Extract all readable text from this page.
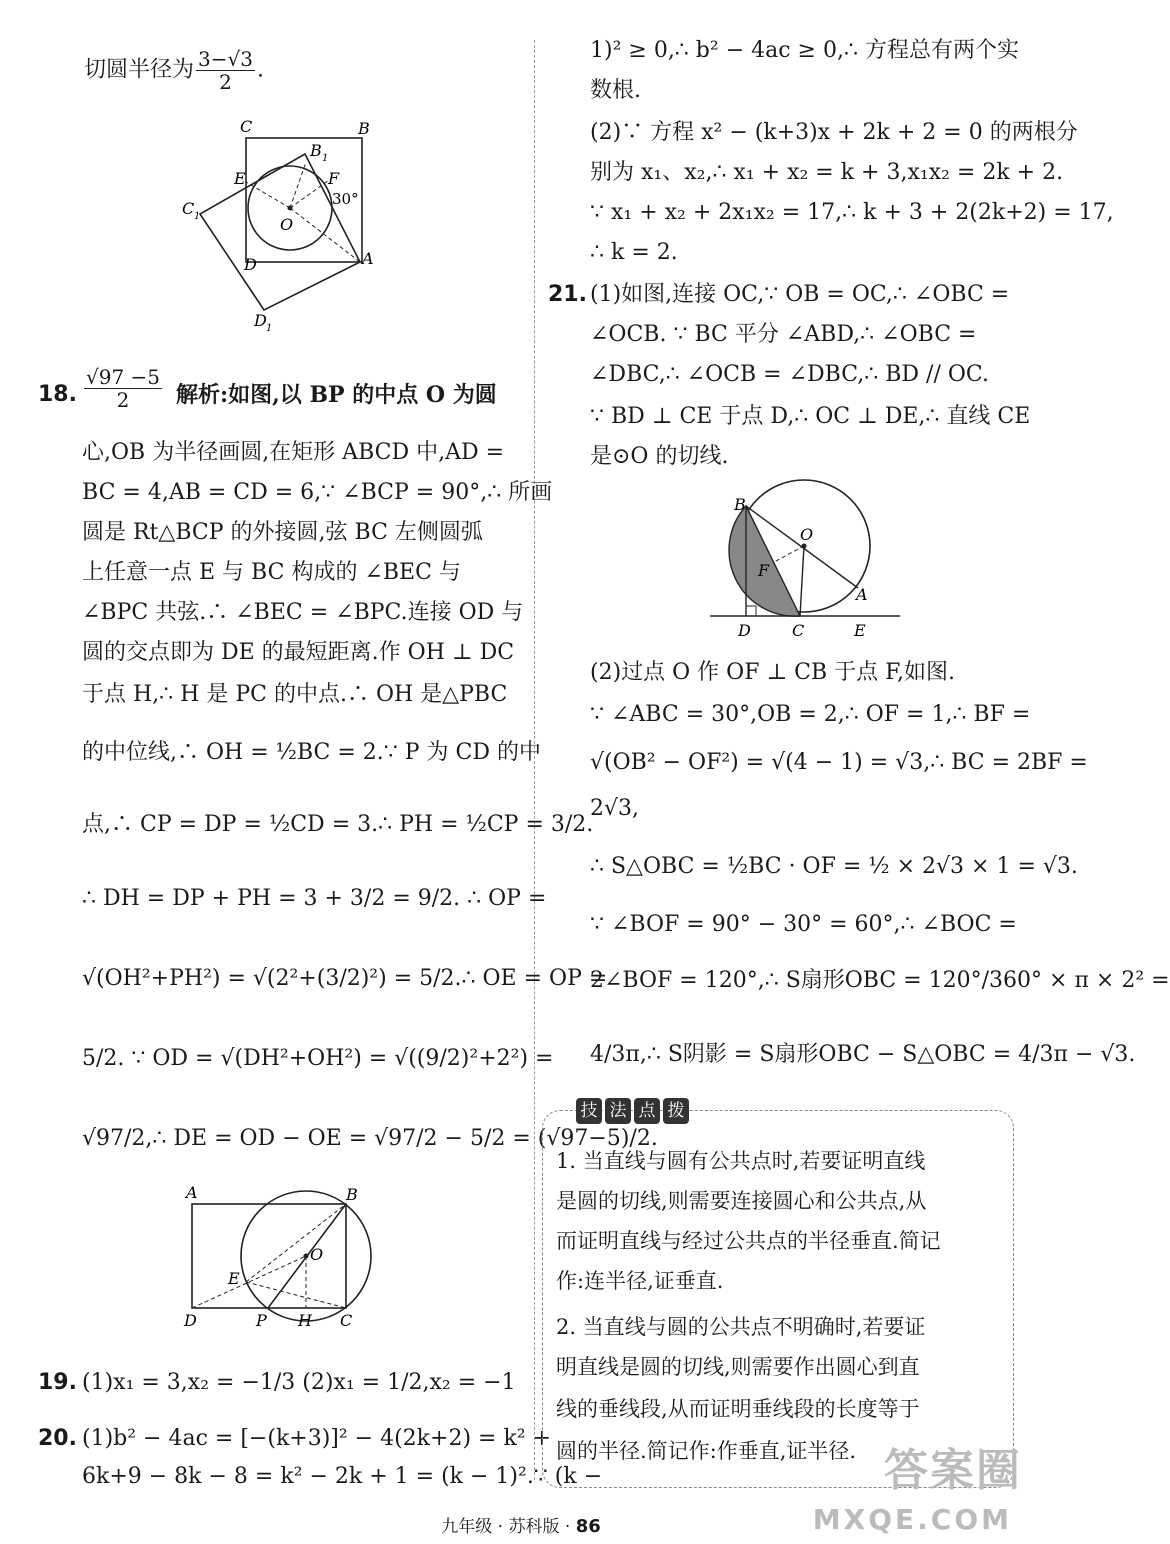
切圆半径为 $\frac{3-√3}{2}$ .
C	B
B 1
E	F
30°
C 1	O
D	A
D 1
18. $\frac{√97 -5}{2}$ 解析:如图,以 BP 的中点 O 为圆
心,OB 为半径画圆,在矩形 ABCD 中,AD =
BC = 4,AB = CD = 6,∵ ∠BCP = 90°,∴ 所画
圆是 Rt△BCP 的外接圆,弦 BC 左侧圆弧
上任意一点 E 与 BC 构成的 ∠BEC 与
∠BPC 共弦.∴ ∠BEC = ∠BPC.连接 OD 与
圆的交点即为 DE 的最短距离.作 OH ⊥ DC
于点 H,∴ H 是 PC 的中点.∴ OH 是△PBC
的中位线,∴ OH = ½BC = 2.∵ P 为 CD 的中
点,∴ CP = DP = ½CD = 3.∴ PH = ½CP = 3/2.
∴ DH = DP + PH = 3 + 3/2 = 9/2. ∴ OP =
√(OH²+PH²) = √(2²+(3/2)²) = 5/2.∴ OE = OP =
5/2. ∵ OD = √(DH²+OH²) = √((9/2)²+2²) =
√97/2,∴ DE = OD − OE = √97/2 − 5/2 = (√97−5)/2.
A	B
O
E
D	P H C
19. (1)x₁ = 3,x₂ = −1/3 (2)x₁ = 1/2,x₂ = −1
20. (1)b² − 4ac = [−(k+3)]² − 4(2k+2) = k² +
6k+9 − 8k − 8 = k² − 2k + 1 = (k − 1)².∵ (k −
1)² ≥ 0,∴ b² − 4ac ≥ 0,∴ 方程总有两个实
数根.
(2)∵ 方程 x² − (k+3)x + 2k + 2 = 0 的两根分
别为 x₁、x₂,∴ x₁ + x₂ = k + 3,x₁x₂ = 2k + 2.
∵ x₁ + x₂ + 2x₁x₂ = 17,∴ k + 3 + 2(2k+2) = 17,
∴ k = 2.
21. (1)如图,连接 OC,∵ OB = OC,∴ ∠OBC =
∠OCB. ∵ BC 平分 ∠ABD,∴ ∠OBC =
∠DBC,∴ ∠OCB = ∠DBC,∴ BD // OC.
∵ BD ⊥ CE 于点 D,∴ OC ⊥ DE,∴ 直线 CE
是⊙O 的切线.
B
O
F
A
D	C	E
(2)过点 O 作 OF ⊥ CB 于点 F,如图.
∵ ∠ABC = 30°,OB = 2,∴ OF = 1,∴ BF =
√(OB² − OF²) = √(4 − 1) = √3,∴ BC = 2BF =
2√3,
∴ S△OBC = ½BC · OF = ½ × 2√3 × 1 = √3.
∵ ∠BOF = 90° − 30° = 60°,∴ ∠BOC =
2∠BOF = 120°,∴ S扇形OBC = 120°/360° × π × 2² =
4/3π,∴ S阴影 = S扇形OBC − S△OBC = 4/3π − √3.
技 法 点 拨
1. 当直线与圆有公共点时,若要证明直线
是圆的切线,则需要连接圆心和公共点,从
而证明直线与经过公共点的半径垂直.简记
作:连半径,证垂直.
2. 当直线与圆的公共点不明确时,若要证
明直线是圆的切线,则需要作出圆心到直
线的垂线段,从而证明垂线段的长度等于
圆的半径.简记作:作垂直,证半径.
九年级 · 苏科版 · 86
答案圈
MXQE.COM
